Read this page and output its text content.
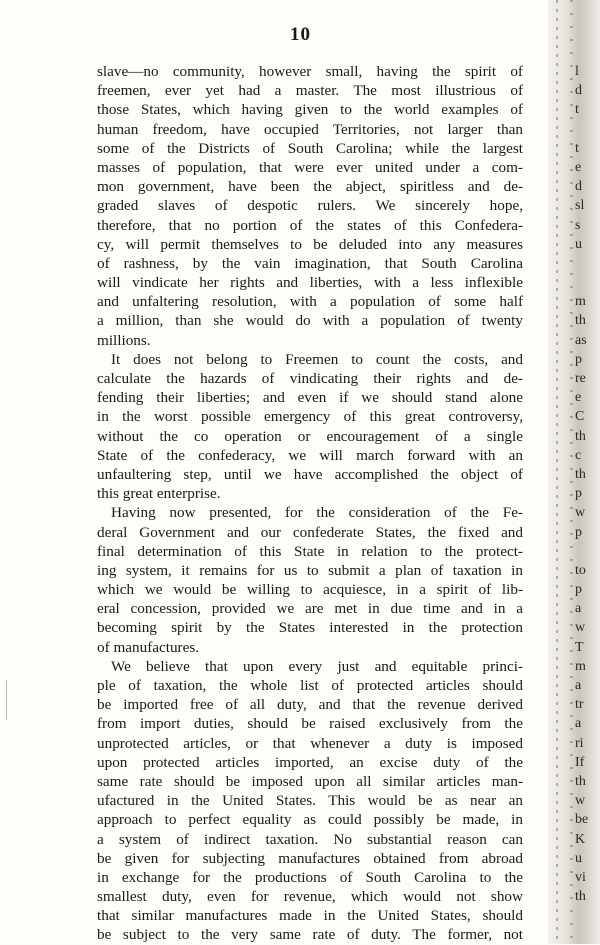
10
slave—no community, however small, having the spirit of
freemen, ever yet had a master. The most illustrious of
those States, which having given to the world examples of
human freedom, have occupied Territories, not larger than
some of the Districts of South Carolina; while the largest
masses of population, that were ever united under a com-
mon government, have been the abject, spiritless and de-
graded slaves of despotic rulers. We sincerely hope,
therefore, that no portion of the states of this Confedera-
cy, will permit themselves to be deluded into any measures
of rashness, by the vain imagination, that South Carolina
will vindicate her rights and liberties, with a less inflexible
and unfaltering resolution, with a population of some half
a million, than she would do with a population of twenty
millions.
It does not belong to Freemen to count the costs, and
calculate the hazards of vindicating their rights and de-
fending their liberties; and even if we should stand alone
in the worst possible emergency of this great controversy,
without the co operation or encouragement of a single
State of the confederacy, we will march forward with an
unfaultering step, until we have accomplished the object of
this great enterprise.
Having now presented, for the consideration of the Fe-
deral Government and our confederate States, the fixed and
final determination of this State in relation to the protect-
ing system, it remains for us to submit a plan of taxation in
which we would be willing to acquiesce, in a spirit of lib-
eral concession, provided we are met in due time and in a
becoming spirit by the States interested in the protection
of manufactures.
We believe that upon every just and equitable princi-
ple of taxation, the whole list of protected articles should
be imported free of all duty, and that the revenue derived
from import duties, should be raised exclusively from the
unprotected articles, or that whenever a duty is imposed
upon protected articles imported, an excise duty of the
same rate should be imposed upon all similar articles man-
ufactured in the United States. This would be as near an
approach to perfect equality as could possibly be made, in
a system of indirect taxation. No substantial reason can
be given for subjecting manufactures obtained from abroad
in exchange for the productions of South Carolina to the
smallest duty, even for revenue, which would not show
that similar manufactures made in the United States, should
be subject to the very same rate of duty. The former, not
l
d
t
t
e
d
sl
s
u
m
th
as
p
re
e
C
th
c
th
p
w
p
to
p
a
w
T
m
a
tr
a
ri
If
th
w
be
K
u
vi
th
